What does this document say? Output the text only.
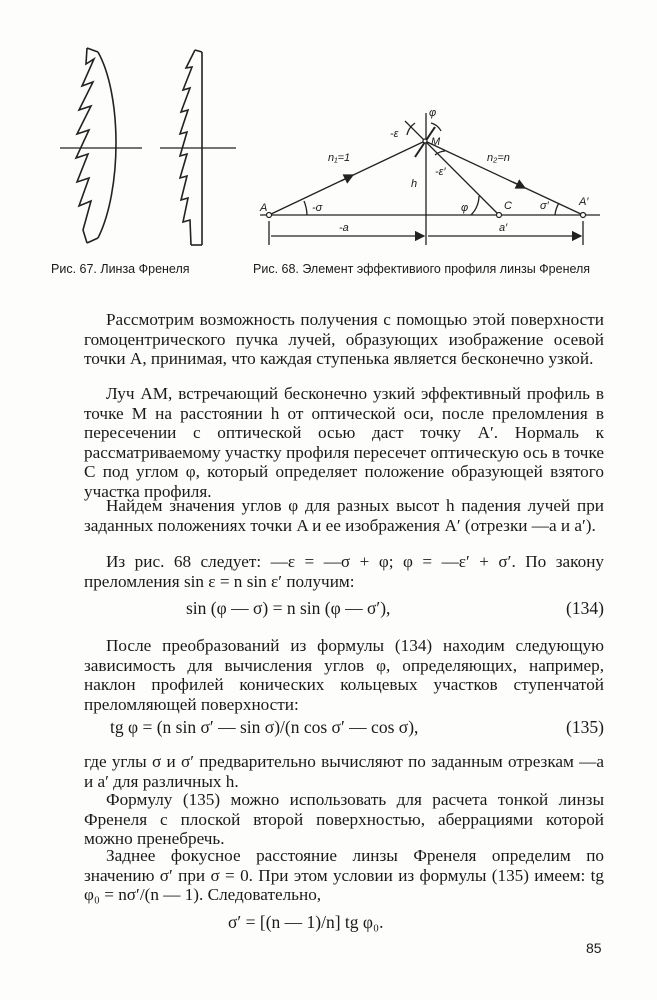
φ
-ε
M
n₁=1	n₂=n
h
-ε′
A	-σ	φ	C	σ′	A′
-a	a′
Рис. 67. Линза Френеля	Рис. 68. Элемент эффективиого профиля линзы Френеля
Рассмотрим возможность получения с помощью этой поверхности гомоцентрического пучка лучей, образующих изображение осевой точки A, принимая, что каждая ступенька является бесконечно узкой.
Луч AM, встречающий бесконечно узкий эффективный профиль в точке M на расстоянии h от оптической оси, после преломления в пересечении с оптической осью даст точку A′. Нормаль к рассматриваемому участку профиля пересечет оптическую ось в точке C под углом φ, который определяет положение образующей взятого участка профиля.
Найдем значения углов φ для разных высот h падения лучей при заданных положениях точки A и ее изображения A′ (отрезки —a и a′).
Из рис. 68 следует: —ε = —σ + φ; φ = —ε′ + σ′. По закону преломления sin ε = n sin ε′ получим:
sin (φ — σ) = n sin (φ — σ′),	(134)
После преобразований из формулы (134) находим следующую зависимость для вычисления углов φ, определяющих, например, наклон профилей конических кольцевых участков ступенчатой преломляющей поверхности:
tg φ = (n sin σ′ — sin σ)/(n cos σ′ — cos σ),	(135)
где углы σ и σ′ предварительно вычисляют по заданным отрезкам —a и a′ для различных h.
Формулу (135) можно использовать для расчета тонкой линзы Френеля с плоской второй поверхностью, аберрациями которой можно пренебречь.
Заднее фокусное расстояние линзы Френеля определим по значению σ′ при σ = 0. При этом условии из формулы (135) имеем: tg φ₀ = nσ′/(n — 1). Следовательно,
σ′ = [(n — 1)/n] tg φ₀.
85
